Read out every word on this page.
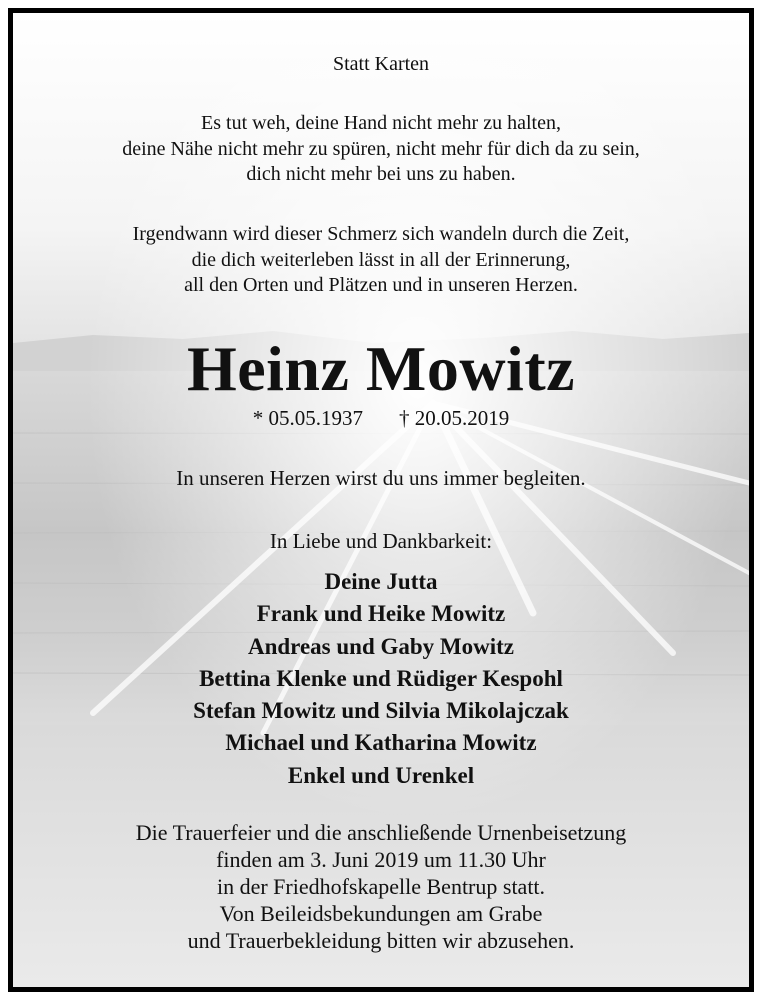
Statt Karten

Es tut weh, deine Hand nicht mehr zu halten,

deine Nähe nicht mehr zu spüren, nicht mehr für dich da zu sein,

dich nicht mehr bei uns zu haben.

Irgendwann wird dieser Schmerz sich wandeln durch die Zeit,

die dich weiterleben lässt in all der Erinnerung,

all den Orten und Plätzen und in unseren Herzen.

Heinz Mowitz

* 05.05.1937 † 20.05.2019

In unseren Herzen wirst du uns immer begleiten.

In Liebe und Dankbarkeit:

Deine Jutta

Frank und Heike Mowitz

Andreas und Gaby Mowitz

Bettina Klenke und Rüdiger Kespohl

Stefan Mowitz und Silvia Mikolajczak

Michael und Katharina Mowitz

Enkel und Urenkel

Die Trauerfeier und die anschließende Urnenbeisetzung

finden am 3. Juni 2019 um 11.30 Uhr

in der Friedhofskapelle Bentrup statt.

Von Beileidsbekundungen am Grabe

und Trauerbekleidung bitten wir abzusehen.
